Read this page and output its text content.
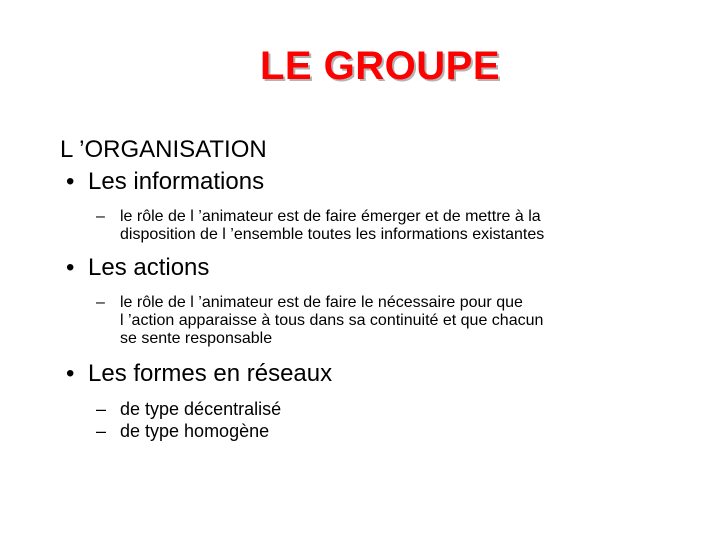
LE GROUPE
L ’ORGANISATION
• Les informations
– le rôle de l ’animateur est de faire émerger et de mettre à la
disposition de l ’ensemble toutes les informations existantes
• Les actions
– le rôle de l ’animateur est de faire le nécessaire pour que
l ’action apparaisse à tous dans sa continuité et que chacun
se sente responsable
• Les formes en réseaux
– de type décentralisé
– de type homogène
